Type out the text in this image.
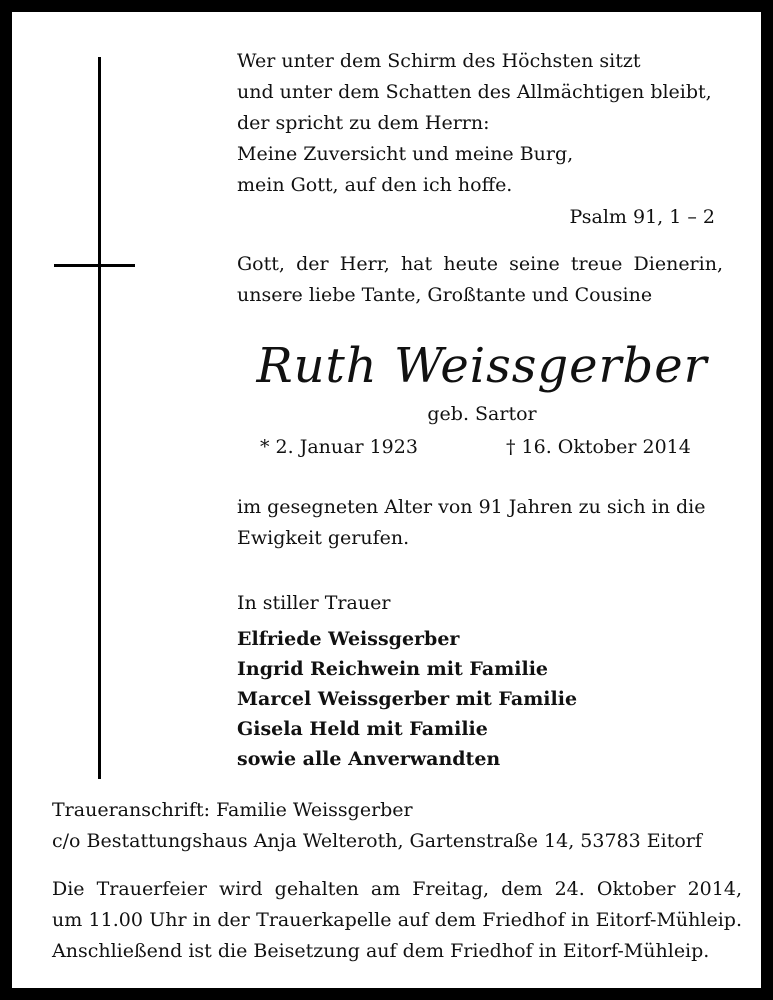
Wer unter dem Schirm des Höchsten sitzt
und unter dem Schatten des Allmächtigen bleibt,
der spricht zu dem Herrn:
Meine Zuversicht und meine Burg,
mein Gott, auf den ich hoffe.
Psalm 91, 1 – 2
Gott, der Herr, hat heute seine treue Dienerin,
unsere liebe Tante, Großtante und Cousine
Ruth Weissgerber
geb. Sartor
* 2. Januar 1923	† 16. Oktober 2014
im gesegneten Alter von 91 Jahren zu sich in die
Ewigkeit gerufen.
In stiller Trauer
Elfriede Weissgerber
Ingrid Reichwein mit Familie
Marcel Weissgerber mit Familie
Gisela Held mit Familie
sowie alle Anverwandten
Traueranschrift: Familie Weissgerber
c/o Bestattungshaus Anja Welteroth, Gartenstraße 14, 53783 Eitorf
Die Trauerfeier wird gehalten am Freitag, dem 24. Oktober 2014,
um 11.00 Uhr in der Trauerkapelle auf dem Friedhof in Eitorf-Mühleip.
Anschließend ist die Beisetzung auf dem Friedhof in Eitorf-Mühleip.
